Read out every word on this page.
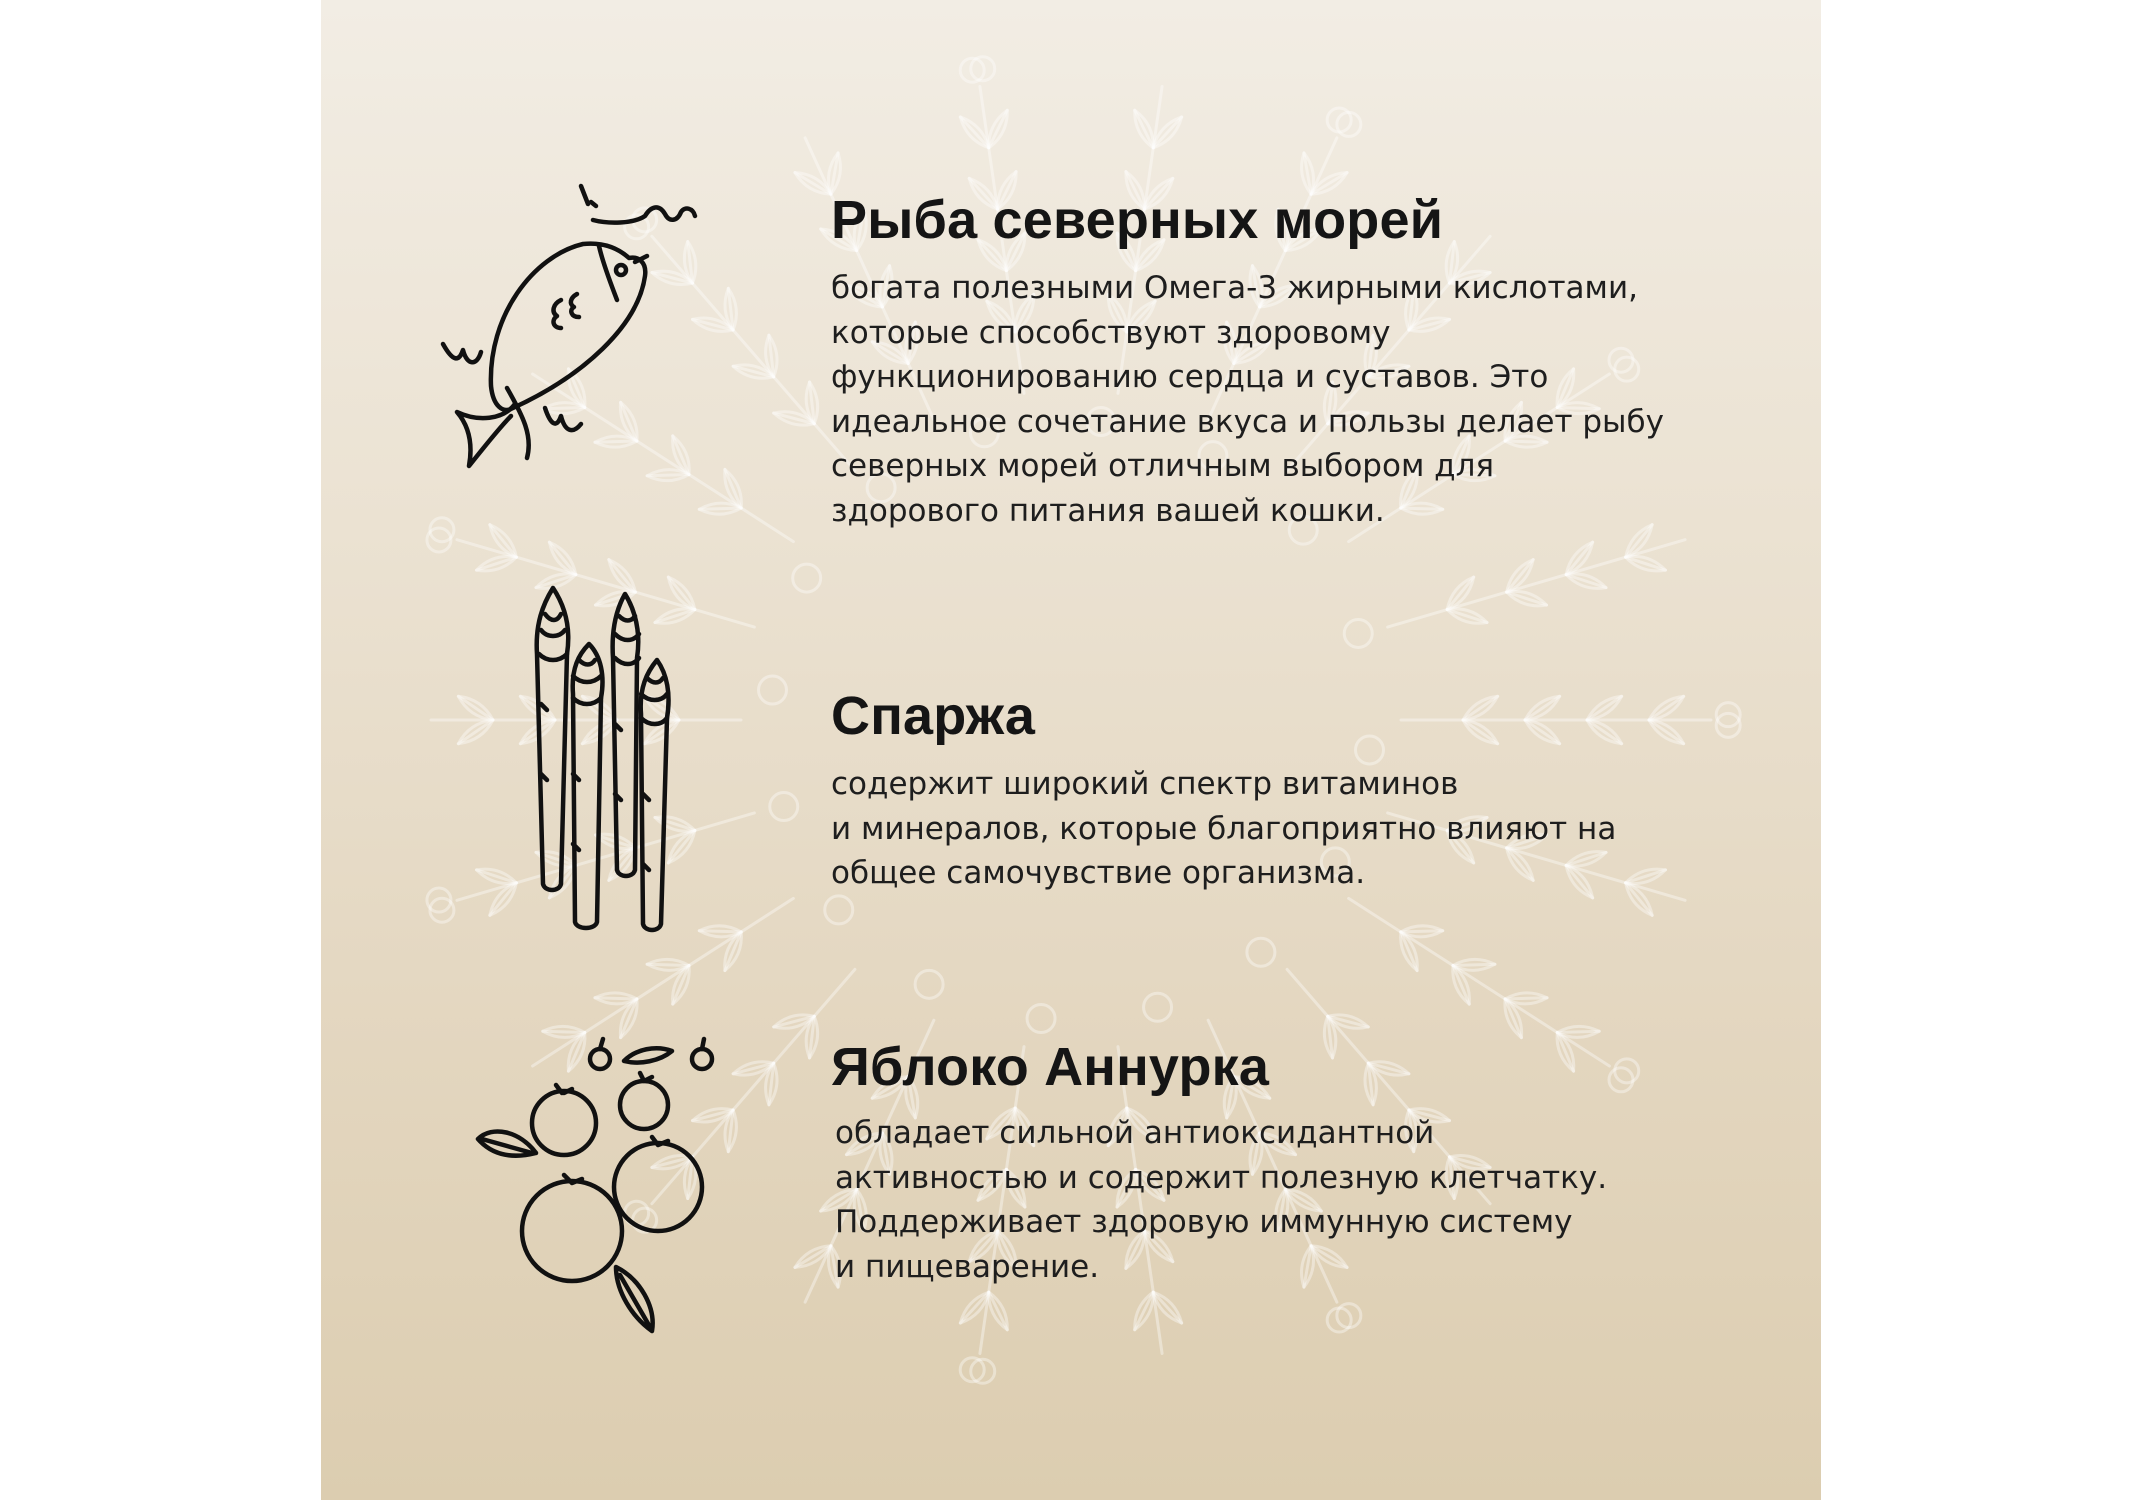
Рыба северных морей

богата полезными Омега-3 жирными кислотами,
которые способствуют здоровому
функционированию сердца и суставов. Это
идеальное сочетание вкуса и пользы делает рыбу
северных морей отличным выбором для
здорового питания вашей кошки.

Спаржа

содержит широкий спектр витаминов
и минералов, которые благоприятно влияют на
общее самочувствие организма.

Яблоко Аннурка

обладает сильной антиоксидантной
активностью и содержит полезную клетчатку.
Поддерживает здоровую иммунную систему
и пищеварение.
